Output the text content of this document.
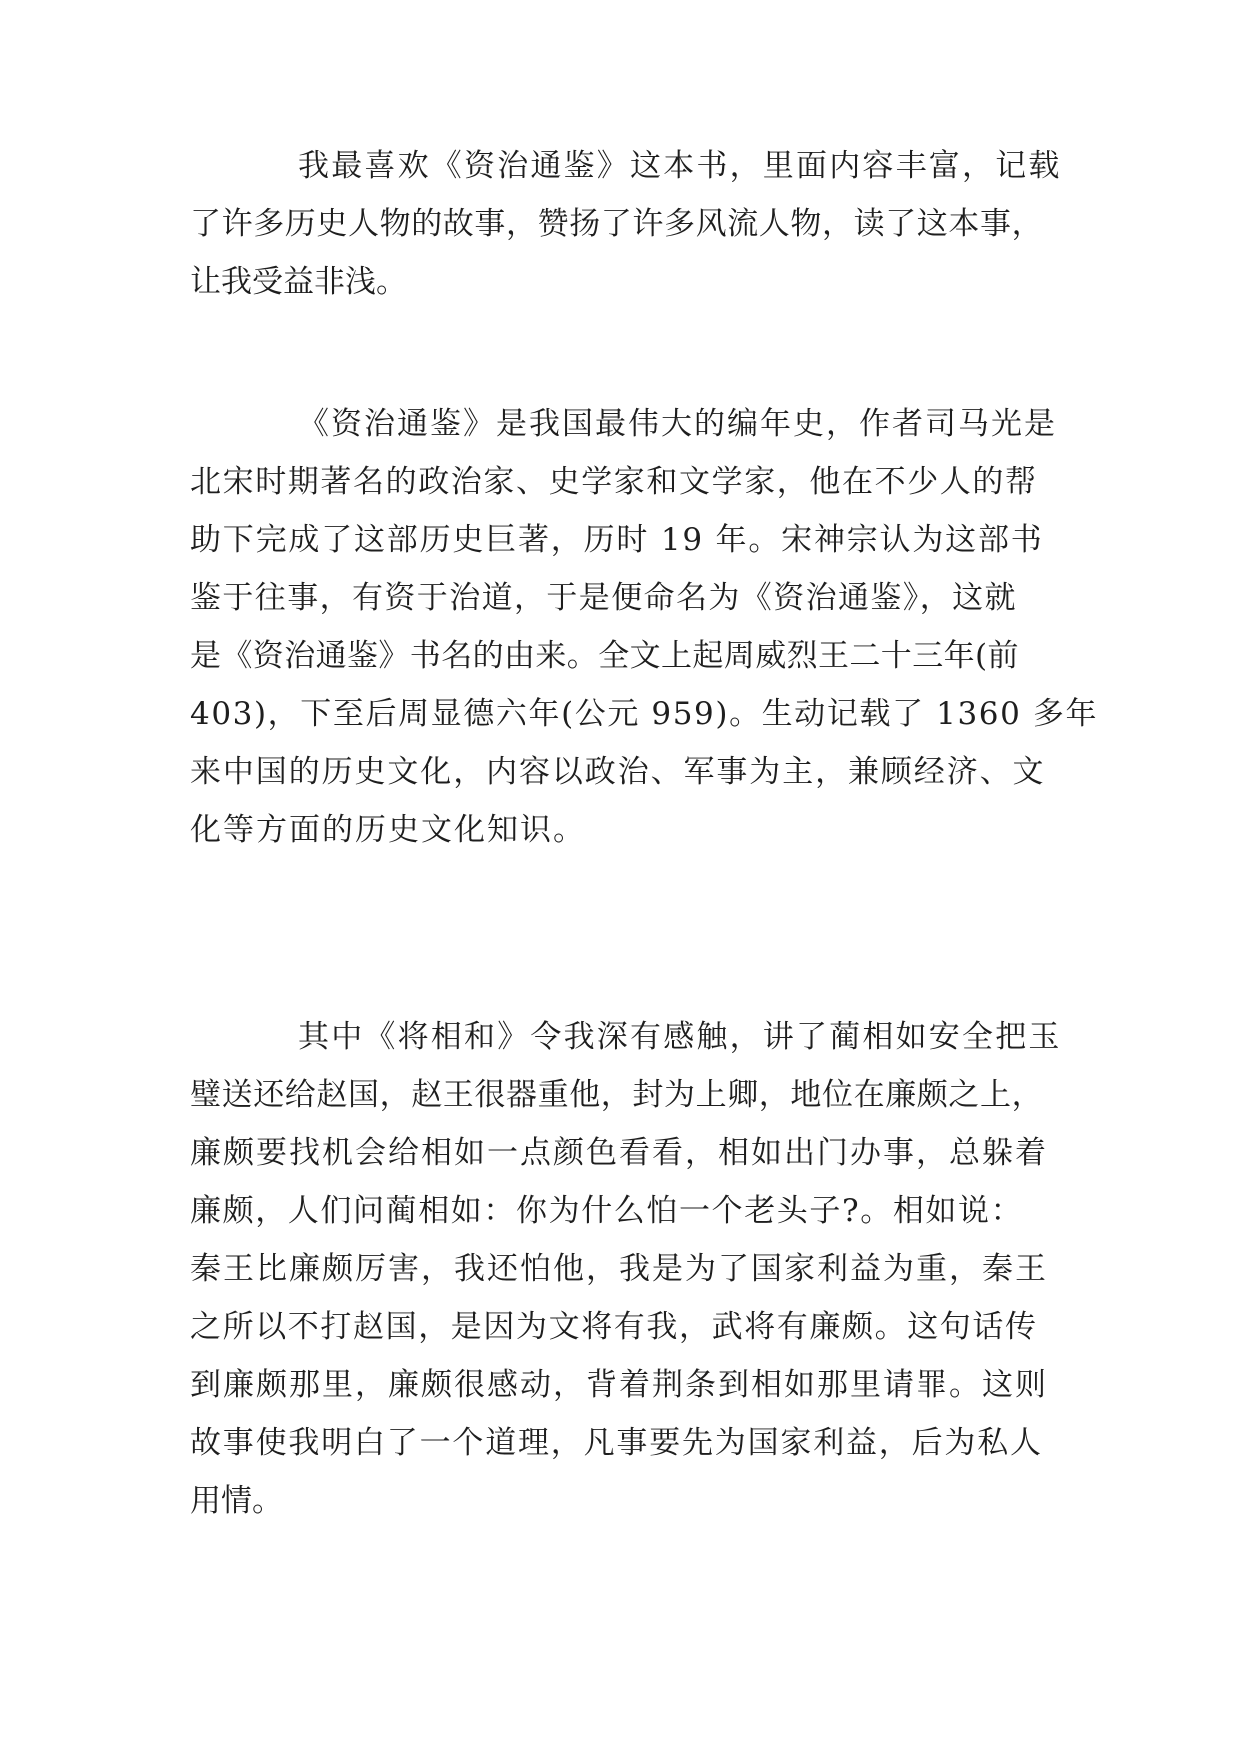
我最喜欢《资治通鉴》这本书，里面内容丰富，记载
了许多历史人物的故事，赞扬了许多风流人物，读了这本事，
让我受益非浅。
《资治通鉴》是我国最伟大的编年史，作者司马光是
北宋时期著名的政治家、史学家和文学家，他在不少人的帮
助下完成了这部历史巨著，历时 19 年。宋神宗认为这部书
鉴于往事，有资于治道，于是便命名为《资治通鉴》，这就
是《资治通鉴》书名的由来。全文上起周威烈王二十三年(前
403)，下至后周显德六年(公元 959)。生动记载了 1360 多年
来中国的历史文化，内容以政治、军事为主，兼顾经济、文
化等方面的历史文化知识。
其中《将相和》令我深有感触，讲了蔺相如安全把玉
璧送还给赵国，赵王很器重他，封为上卿，地位在廉颇之上，
廉颇要找机会给相如一点颜色看看，相如出门办事，总躲着
廉颇，人们问蔺相如：你为什么怕一个老头子?。相如说：
秦王比廉颇厉害，我还怕他，我是为了国家利益为重，秦王
之所以不打赵国，是因为文将有我，武将有廉颇。这句话传
到廉颇那里，廉颇很感动，背着荆条到相如那里请罪。这则
故事使我明白了一个道理，凡事要先为国家利益，后为私人
用情。
